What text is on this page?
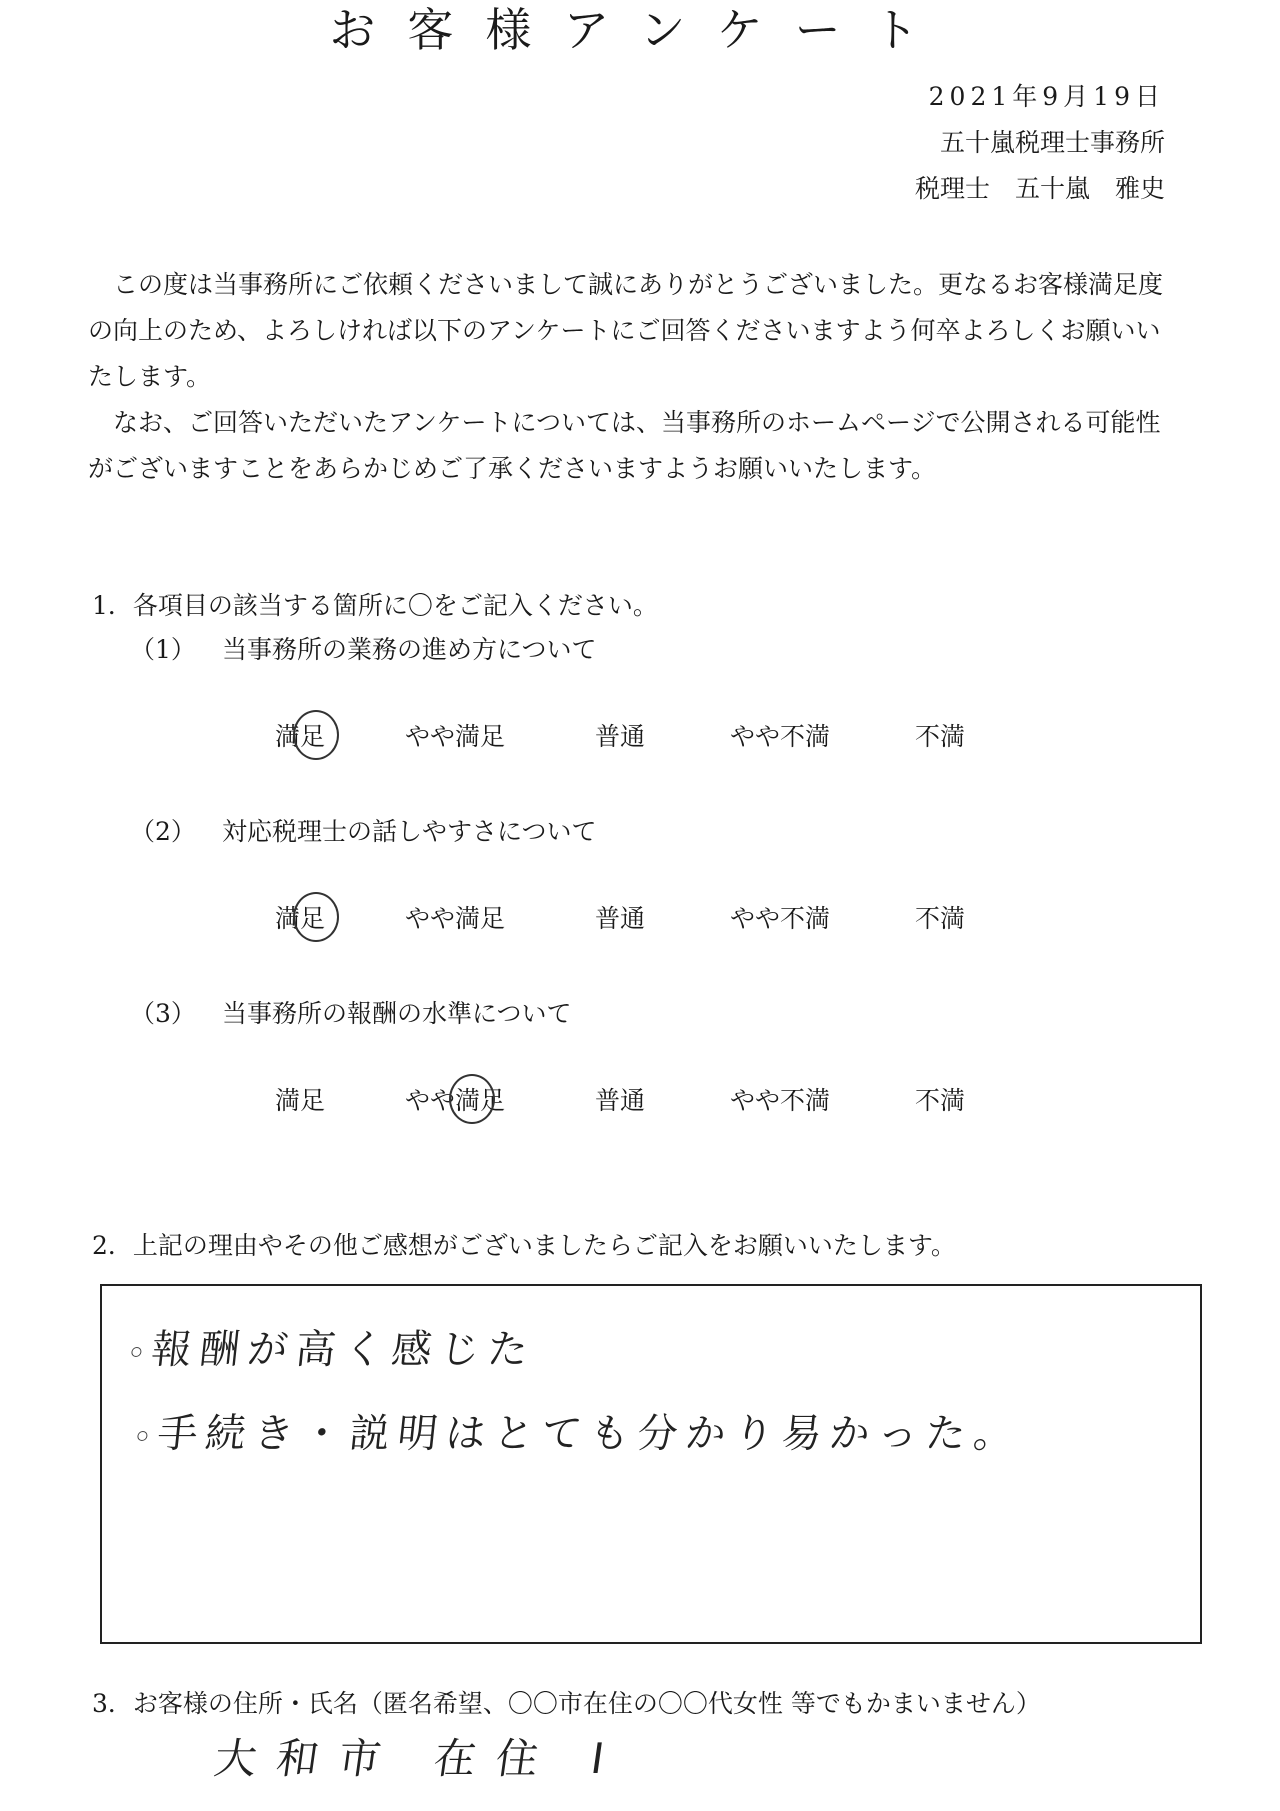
お客様アンケート
2021年9月19日
五十嵐税理士事務所
税理士　五十嵐　雅史

この度は当事務所にご依頼くださいまして誠にありがとうございました。更なるお客様満足度の向上のため、よろしければ以下のアンケートにご回答くださいますよう何卒よろしくお願いいたします。

なお、ご回答いただいたアンケートについては、当事務所のホームページで公開される可能性がございますことをあらかじめご了承くださいますようお願いいたします。

1．各項目の該当する箇所に〇をご記入ください。
（1） 当事務所の業務の進め方について
満足	やや満足	普通	やや不満	不満
（2） 対応税理士の話しやすさについて
満足	やや満足	普通	やや不満	不満
（3） 当事務所の報酬の水準について
満足	やや満足	普通	やや不満	不満
2．上記の理由やその他ご感想がございましたらご記入をお願いいたします。
報酬が高く感じた
手続き・説明はとても分かり易かった。
3．お客様の住所・氏名（匿名希望、〇〇市在住の〇〇代女性 等でもかまいません）
大和市 在住 I
